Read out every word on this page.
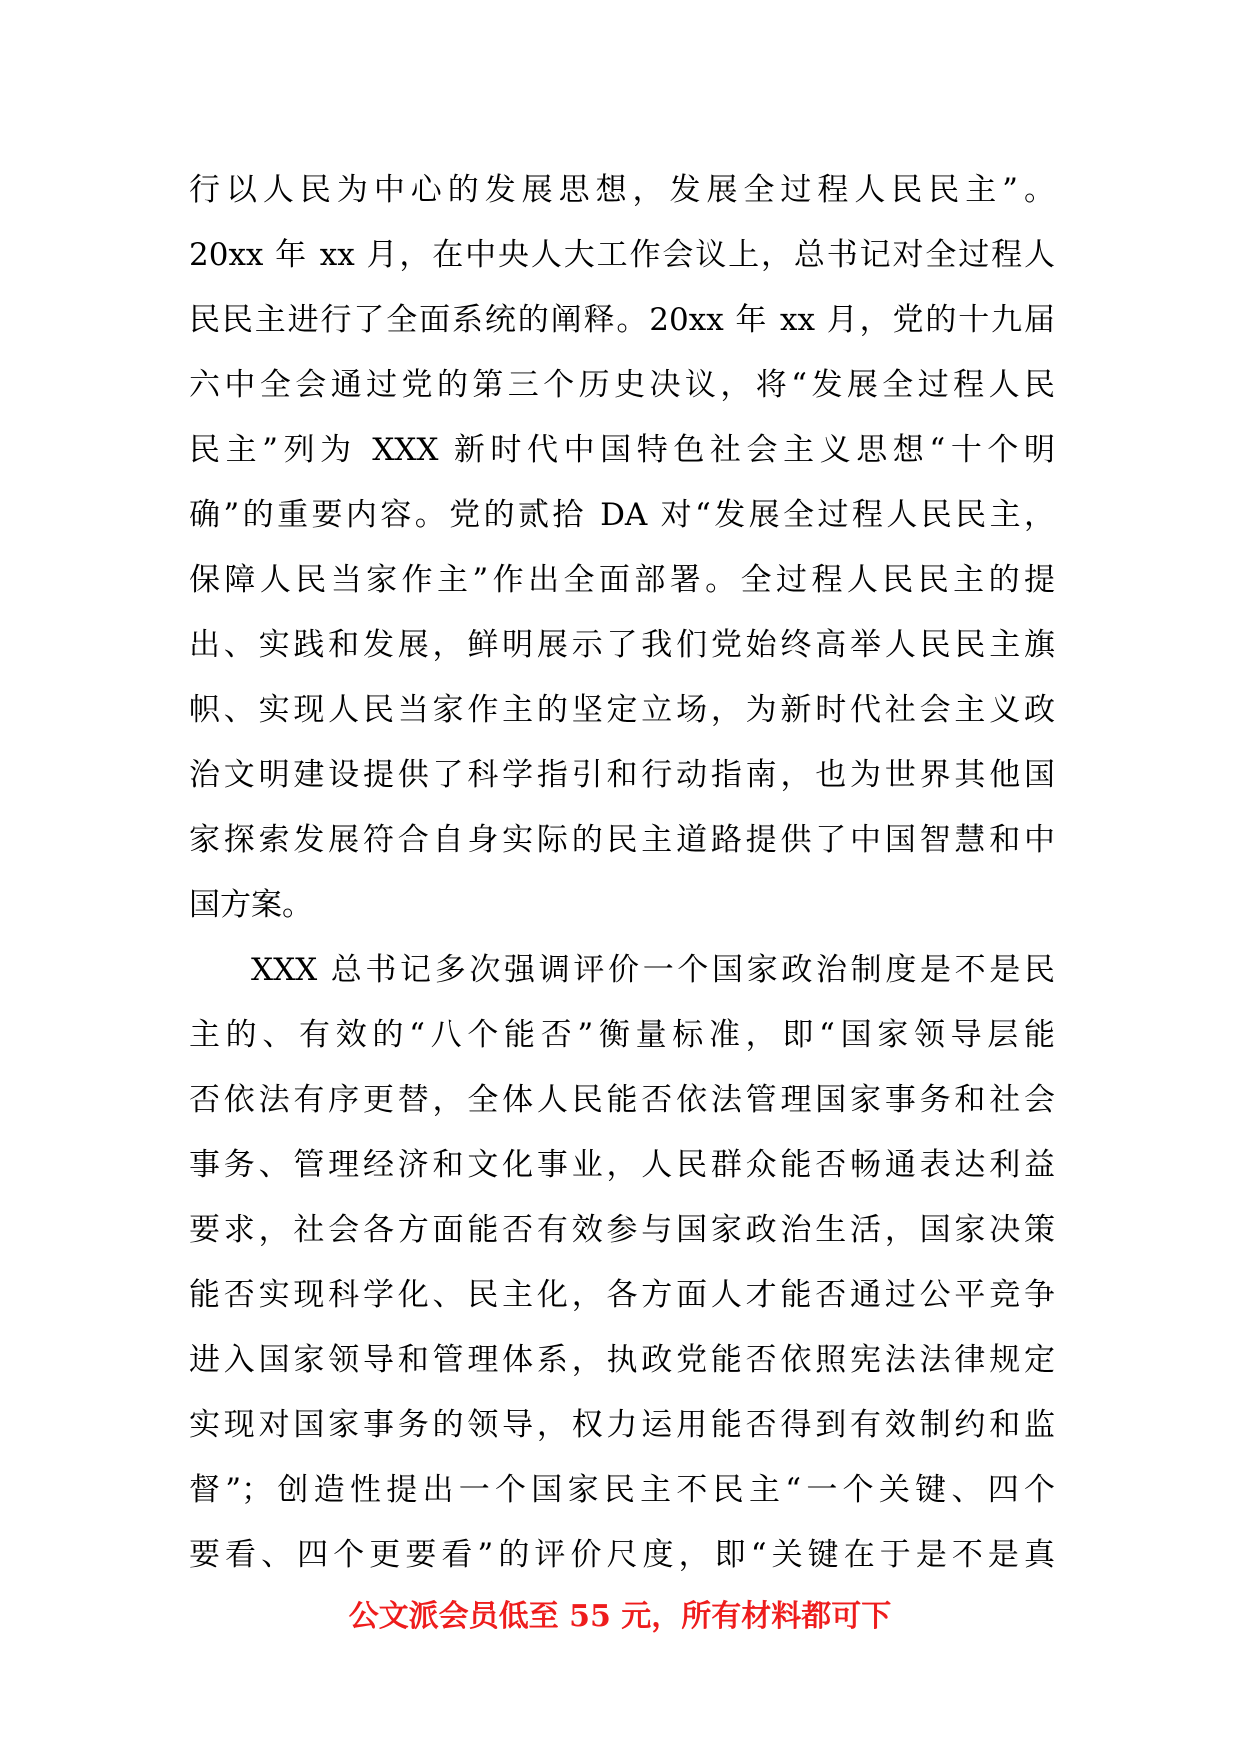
行以人民为中心的发展思想，发展全过程人民民主”。
20xx 年 xx 月，在中央人大工作会议上，总书记对全过程人
民民主进行了全面系统的阐释。20xx 年 xx 月，党的十九届
六中全会通过党的第三个历史决议，将“发展全过程人民
民主”列为 XXX 新时代中国特色社会主义思想“十个明
确”的重要内容。党的贰拾 DA 对“发展全过程人民民主，
保障人民当家作主”作出全面部署。全过程人民民主的提
出、实践和发展，鲜明展示了我们党始终高举人民民主旗
帜、实现人民当家作主的坚定立场，为新时代社会主义政
治文明建设提供了科学指引和行动指南，也为世界其他国
家探索发展符合自身实际的民主道路提供了中国智慧和中
国方案。
XXX 总书记多次强调评价一个国家政治制度是不是民
主的、有效的“八个能否”衡量标准，即“国家领导层能
否依法有序更替，全体人民能否依法管理国家事务和社会
事务、管理经济和文化事业，人民群众能否畅通表达利益
要求，社会各方面能否有效参与国家政治生活，国家决策
能否实现科学化、民主化，各方面人才能否通过公平竞争
进入国家领导和管理体系，执政党能否依照宪法法律规定
实现对国家事务的领导，权力运用能否得到有效制约和监
督”；创造性提出一个国家民主不民主“一个关键、四个
要看、四个更要看”的评价尺度，即“关键在于是不是真
公文派会员低至 55 元，所有材料都可下
